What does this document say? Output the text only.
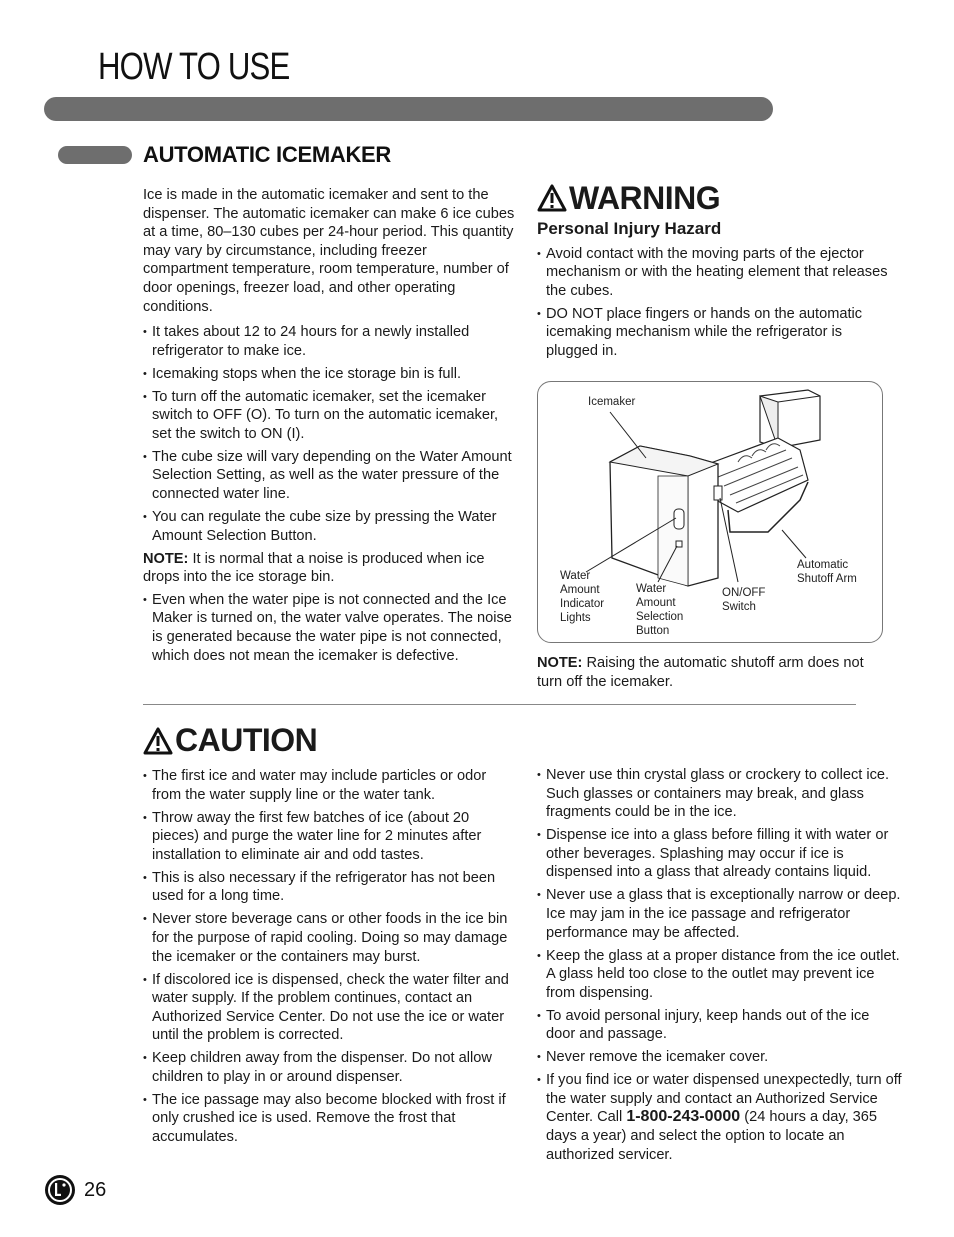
HOW TO USE
AUTOMATIC ICEMAKER

Ice is made in the automatic icemaker and sent to the dispenser. The automatic icemaker can make 6 ice cubes at a time, 80–130 cubes per 24-hour period. This quantity may vary by circumstance, including freezer compartment temperature, room temperature, number of door openings, freezer load, and other operating conditions.

• It takes about 12 to 24 hours for a newly installed refrigerator to make ice.
• Icemaking stops when the ice storage bin is full.
• To turn off the automatic icemaker, set the icemaker switch to OFF (O). To turn on the automatic icemaker, set the switch to ON (I).
• The cube size will vary depending on the Water Amount Selection Setting, as well as the water pressure of the connected water line.
• You can regulate the cube size by pressing the Water Amount Selection Button.

NOTE: It is normal that a noise is produced when ice drops into the ice storage bin.

• Even when the water pipe is not connected and the Ice Maker is turned on, the water valve operates. The noise is generated because the water pipe is not connected, which does not mean the icemaker is defective.
WARNING
Personal Injury Hazard
• Avoid contact with the moving parts of the ejector mechanism or with the heating element that releases the cubes.
• DO NOT place fingers or hands on the automatic icemaking mechanism while the refrigerator is plugged in.
Icemaker
Water
Amount
Indicator
Lights
Water
Amount
Selection
Button
ON/OFF
Switch
Automatic
Shutoff Arm
NOTE: Raising the automatic shutoff arm does not turn off the icemaker.
CAUTION
• The first ice and water may include particles or odor from the water supply line or the water tank.
• Throw away the first few batches of ice (about 20 pieces) and purge the water line for 2 minutes after installation to eliminate air and odd tastes.
• This is also necessary if the refrigerator has not been used for a long time.
• Never store beverage cans or other foods in the ice bin for the purpose of rapid cooling. Doing so may damage the icemaker or the containers may burst.
• If discolored ice is dispensed, check the water filter and water supply. If the problem continues, contact an Authorized Service Center. Do not use the ice or water until the problem is corrected.
• Keep children away from the dispenser. Do not allow children to play in or around dispenser.
• The ice passage may also become blocked with frost if only crushed ice is used. Remove the frost that accumulates.
• Never use thin crystal glass or crockery to collect ice. Such glasses or containers may break, and glass fragments could be in the ice.
• Dispense ice into a glass before filling it with water or other beverages. Splashing may occur if ice is dispensed into a glass that already contains liquid.
• Never use a glass that is exceptionally narrow or deep. Ice may jam in the ice passage and refrigerator performance may be affected.
• Keep the glass at a proper distance from the ice outlet. A glass held too close to the outlet may prevent ice from dispensing.
• To avoid personal injury, keep hands out of the ice door and passage.
• Never remove the icemaker cover.
• If you find ice or water dispensed unexpectedly, turn off the water supply and contact an Authorized Service Center. Call 1-800-243-0000 (24 hours a day, 365 days a year) and select the option to locate an authorized servicer.
26
